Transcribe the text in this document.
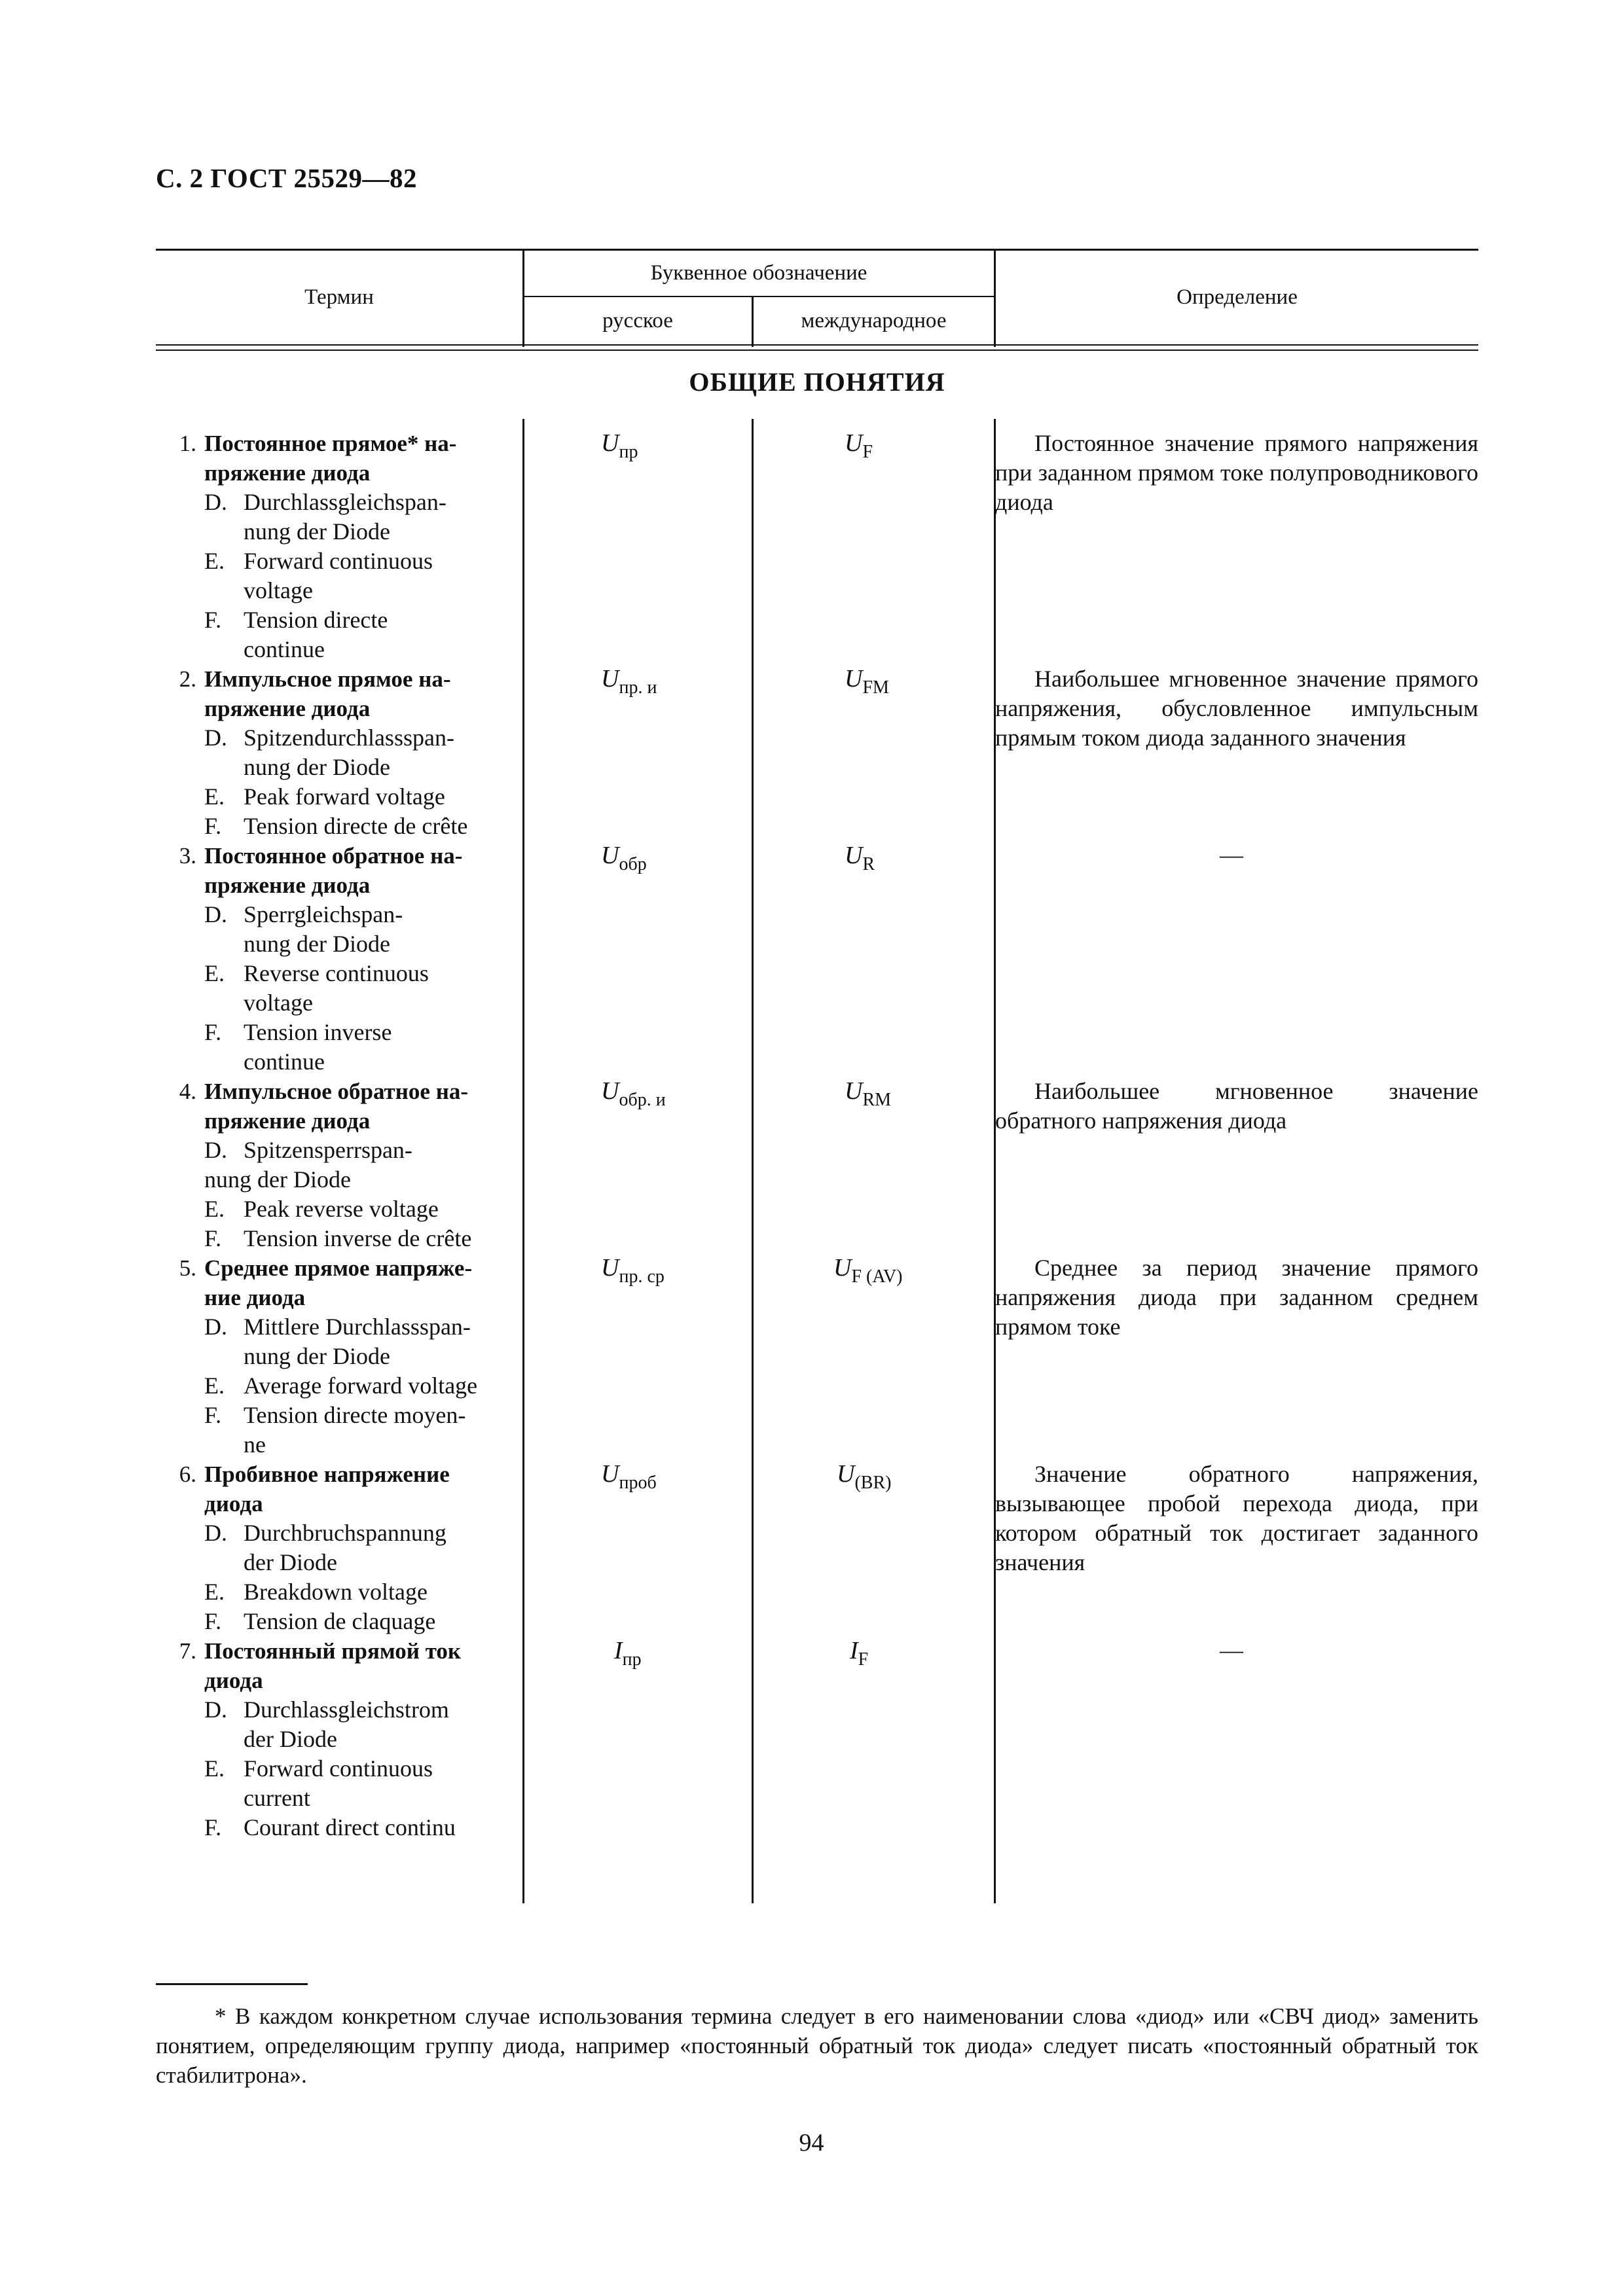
С. 2 ГОСТ 25529—82
Термин
Буквенное обозначение
русское	международное
Определение
ОБЩИЕ ПОНЯТИЯ
1. Постоянное прямое* на-
пряжение диода
D. Durchlassgleichspan-
nung der Diode
E. Forward continuous
voltage
F. Tension directe
continue
$U_{пр}$	$U_F$	Постоянное значение прямого напряжения при заданном прямом токе полупроводникового диода
2. Импульсное прямое на-
пряжение диода
D. Spitzendurchlassspan-
nung der Diode
E. Peak forward voltage
F. Tension directe de crête
$U_{пр. и}$	$U_{FM}$	Наибольшее мгновенное значение прямого напряжения, обусловленное импульсным прямым током диода заданного значения
3. Постоянное обратное на-
пряжение диода
D. Sperrgleichspan-
nung der Diode
E. Reverse continuous
voltage
F. Tension inverse
continue
$U_{обр}$	$U_R$	—
4. Импульсное обратное на-
пряжение диода
D. Spitzensperrspan-
nung der Diode
E. Peak reverse voltage
F. Tension inverse de crête
$U_{обр. и}$	$U_{RM}$	Наибольшее мгновенное значение обратного напряжения диода
5. Среднее прямое напряже-
ние диода
D. Mittlere Durchlassspan-
nung der Diode
E. Average forward voltage
F. Tension directe moyen-
ne
$U_{пр. ср}$	$U_{F (AV)}$	Среднее за период значение прямого напряжения диода при заданном среднем прямом токе
6. Пробивное напряжение
диода
D. Durchbruchspannung
der Diode
E. Breakdown voltage
F. Tension de claquage
$U_{проб}$	$U_{(BR)}$	Значение обратного напряжения, вызывающее пробой перехода диода, при котором обратный ток достигает заданного значения
7. Постоянный прямой ток
диода
D. Durchlassgleichstrom
der Diode
E. Forward continuous
current
F. Courant direct continu
$I_{пр}$	$I_F$	—
* В каждом конкретном случае использования термина следует в его наименовании слова «диод» или «СВЧ диод» заменить понятием, определяющим группу диода, например «постоянный обратный ток диода» следует писать «постоянный обратный ток стабилитрона».
94
